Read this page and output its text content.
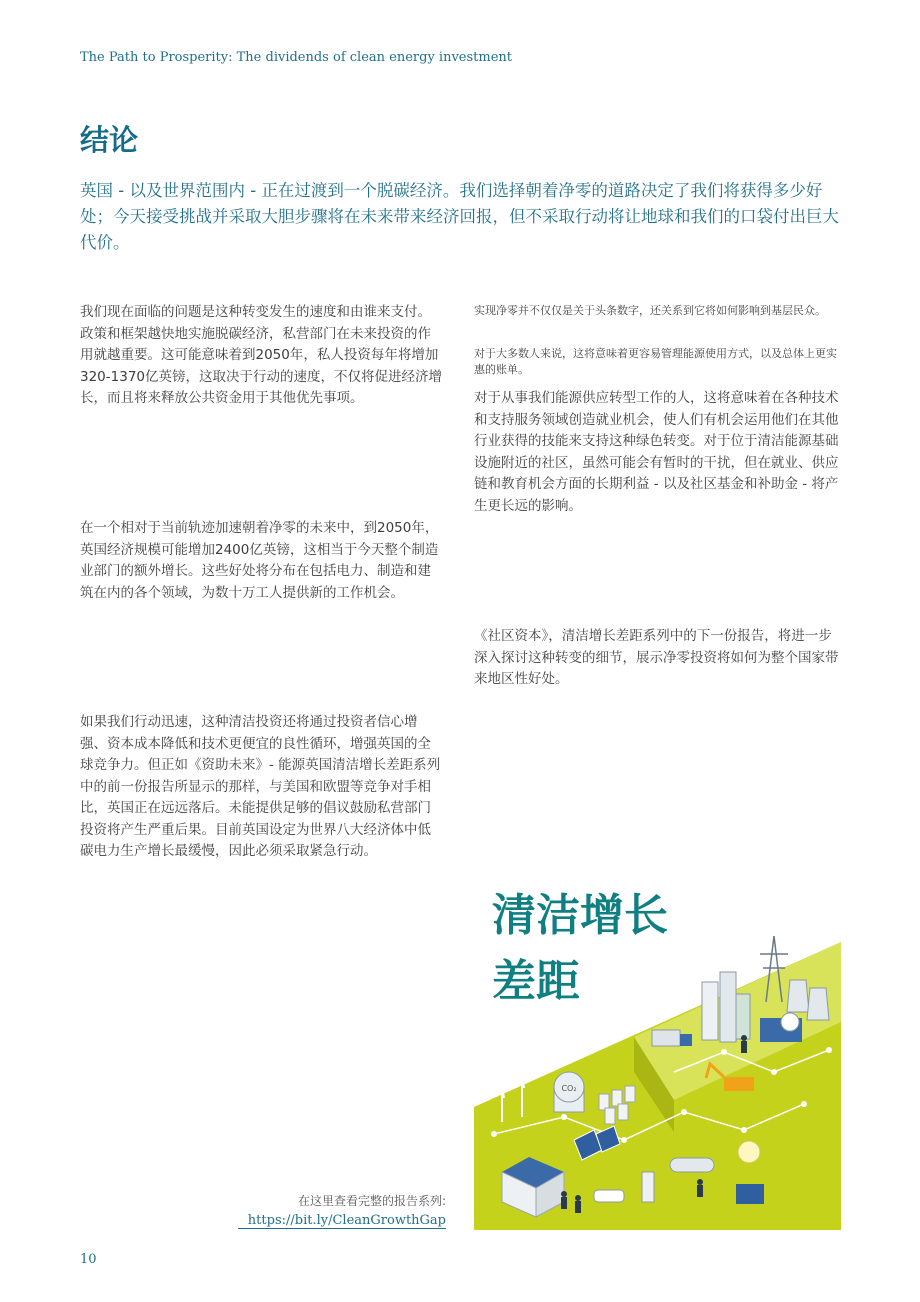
The Path to Prosperity: The dividends of clean energy investment
结论

英国 - 以及世界范围内 - 正在过渡到一个脱碳经济。我们选择朝着净零的道路决定了我们将获得多少好处；今天接受挑战并采取大胆步骤将在未来带来经济回报，但不采取行动将让地球和我们的口袋付出巨大代价。

我们现在面临的问题是这种转变发生的速度和由谁来支付。政策和框架越快地实施脱碳经济，私营部门在未来投资的作用就越重要。这可能意味着到2050年，私人投资每年将增加320-1370亿英镑，这取决于行动的速度，不仅将促进经济增长，而且将来释放公共资金用于其他优先事项。

在一个相对于当前轨迹加速朝着净零的未来中，到2050年，英国经济规模可能增加2400亿英镑，这相当于今天整个制造业部门的额外增长。这些好处将分布在包括电力、制造和建筑在内的各个领域，为数十万工人提供新的工作机会。

如果我们行动迅速，这种清洁投资还将通过投资者信心增强、资本成本降低和技术更便宜的良性循环，增强英国的全球竞争力。但正如《资助未来》- 能源英国清洁增长差距系列中的前一份报告所显示的那样，与美国和欧盟等竞争对手相比，英国正在远远落后。未能提供足够的倡议鼓励私营部门投资将产生严重后果。目前英国设定为世界八大经济体中低碳电力生产增长最缓慢，因此必须采取紧急行动。

实现净零并不仅仅是关于头条数字，还关系到它将如何影响到基层民众。

对于大多数人来说，这将意味着更容易管理能源使用方式，以及总体上更实惠的账单。

对于从事我们能源供应转型工作的人，这将意味着在各种技术和支持服务领域创造就业机会，使人们有机会运用他们在其他行业获得的技能来支持这种绿色转变。对于位于清洁能源基础设施附近的社区，虽然可能会有暂时的干扰，但在就业、供应链和教育机会方面的长期利益 - 以及社区基金和补助金 - 将产生更长远的影响。

《社区资本》，清洁增长差距系列中的下一份报告，将进一步深入探讨这种转变的细节，展示净零投资将如何为整个国家带来地区性好处。

CO₂
清洁增长
差距
在这里查看完整的报告系列:
https://bit.ly/CleanGrowthGap
10
